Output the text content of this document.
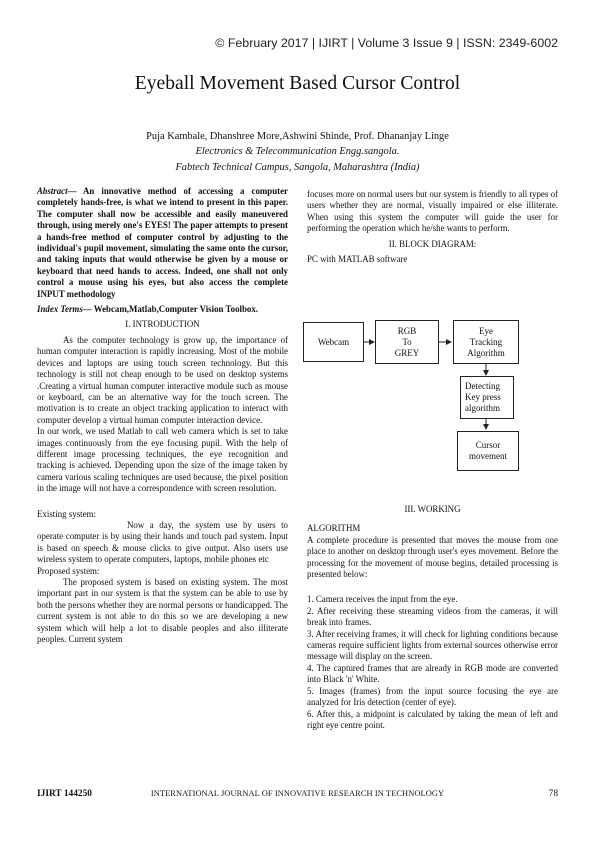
© February 2017 | IJIRT | Volume 3 Issue 9 | ISSN: 2349-6002
Eyeball Movement Based Cursor Control
Puja Kambale, Dhanshree More,Ashwini Shinde, Prof. Dhananjay Linge
Electronics & Telecommunication Engg.sangola.
Fabtech Technical Campus, Sangola, Maharashtra (India)

Abstract— An innovative method of accessing a computer completely hands-free, is what we intend to present in this paper. The computer shall now be accessible and easily maneuvered through, using merely one's EYES! The paper attempts to present a hands-free method of computer control by adjusting to the individual's pupil movement, simulating the same onto the cursor, and taking inputs that would otherwise be given by a mouse or keyboard that need hands to access. Indeed, one shall not only control a mouse using his eyes, but also access the complete INPUT methodology

Index Terms— Webcam,Matlab,Computer Vision Toolbox.

I. INTRODUCTION

As the computer technology is grow up, the importance of human computer interaction is rapidly increasing. Most of the mobile devices and laptops are using touch screen technology. But this technology is still not cheap enough to be used on desktop systems .Creating a virtual human computer interactive module such as mouse or keyboard, can be an alternative way for the touch screen. The motivation is to create an object tracking application to interact with computer develop a virtual human computer interaction device.

In our work, we used Matlab to call web camera which is set to take images continuously from the eye focusing pupil. With the help of different image processing techniques, the eye recognition and tracking is achieved. Depending upon the size of the image taken by camera various scaling techniques are used because, the pixel position in the image will not have a correspondence with screen resolution.

Existing system:

Now a day, the system use by users to operate computer is by using their hands and touch pad system. Input is based on speech & mouse clicks to give output. Also users use wireless system to operate computers, laptops, mobile phones etc

Proposed system:

The proposed system is based on existing system. The most important part in our system is that the system can be able to use by both the persons whether they are normal persons or handicapped. The current system is not able to do this so we are developing a new system which will help a lot to disable peoples and also illiterate peoples. Current system

focuses more on normal users but our system is friendly to all types of users whether they are normal, visually impaired or else illiterate. When using this system the computer will guide the user for performing the operation which he/she wants to perform.

II. BLOCK DIAGRAM:

PC with MATLAB software

Webcam
RGB
To
GREY
Eye
Tracking
Algorithm
Detecting
Key press
algorithm
Cursor
movement

III. WORKING

ALGORITHM

A complete procedure is presented that moves the mouse from one place to another on desktop through user's eyes movement. Before the processing for the movement of mouse begins, detailed processing is presented below:

1. Camera receives the input from the eye.

2. After receiving these streaming videos from the cameras, it will break into frames.

3. After receiving frames, it will check for lighting conditions because cameras require sufficient lights from external sources otherwise error message will display on the screen.

4. The captured frames that are already in RGB mode are converted into Black 'n' White.

5. Images (frames) from the input source focusing the eye are analyzed for Iris detection (center of eye).

6. After this, a midpoint is calculated by taking the mean of left and right eye centre point.

IJIRT 144250	INTERNATIONAL JOURNAL OF INNOVATIVE RESEARCH IN TECHNOLOGY	78
